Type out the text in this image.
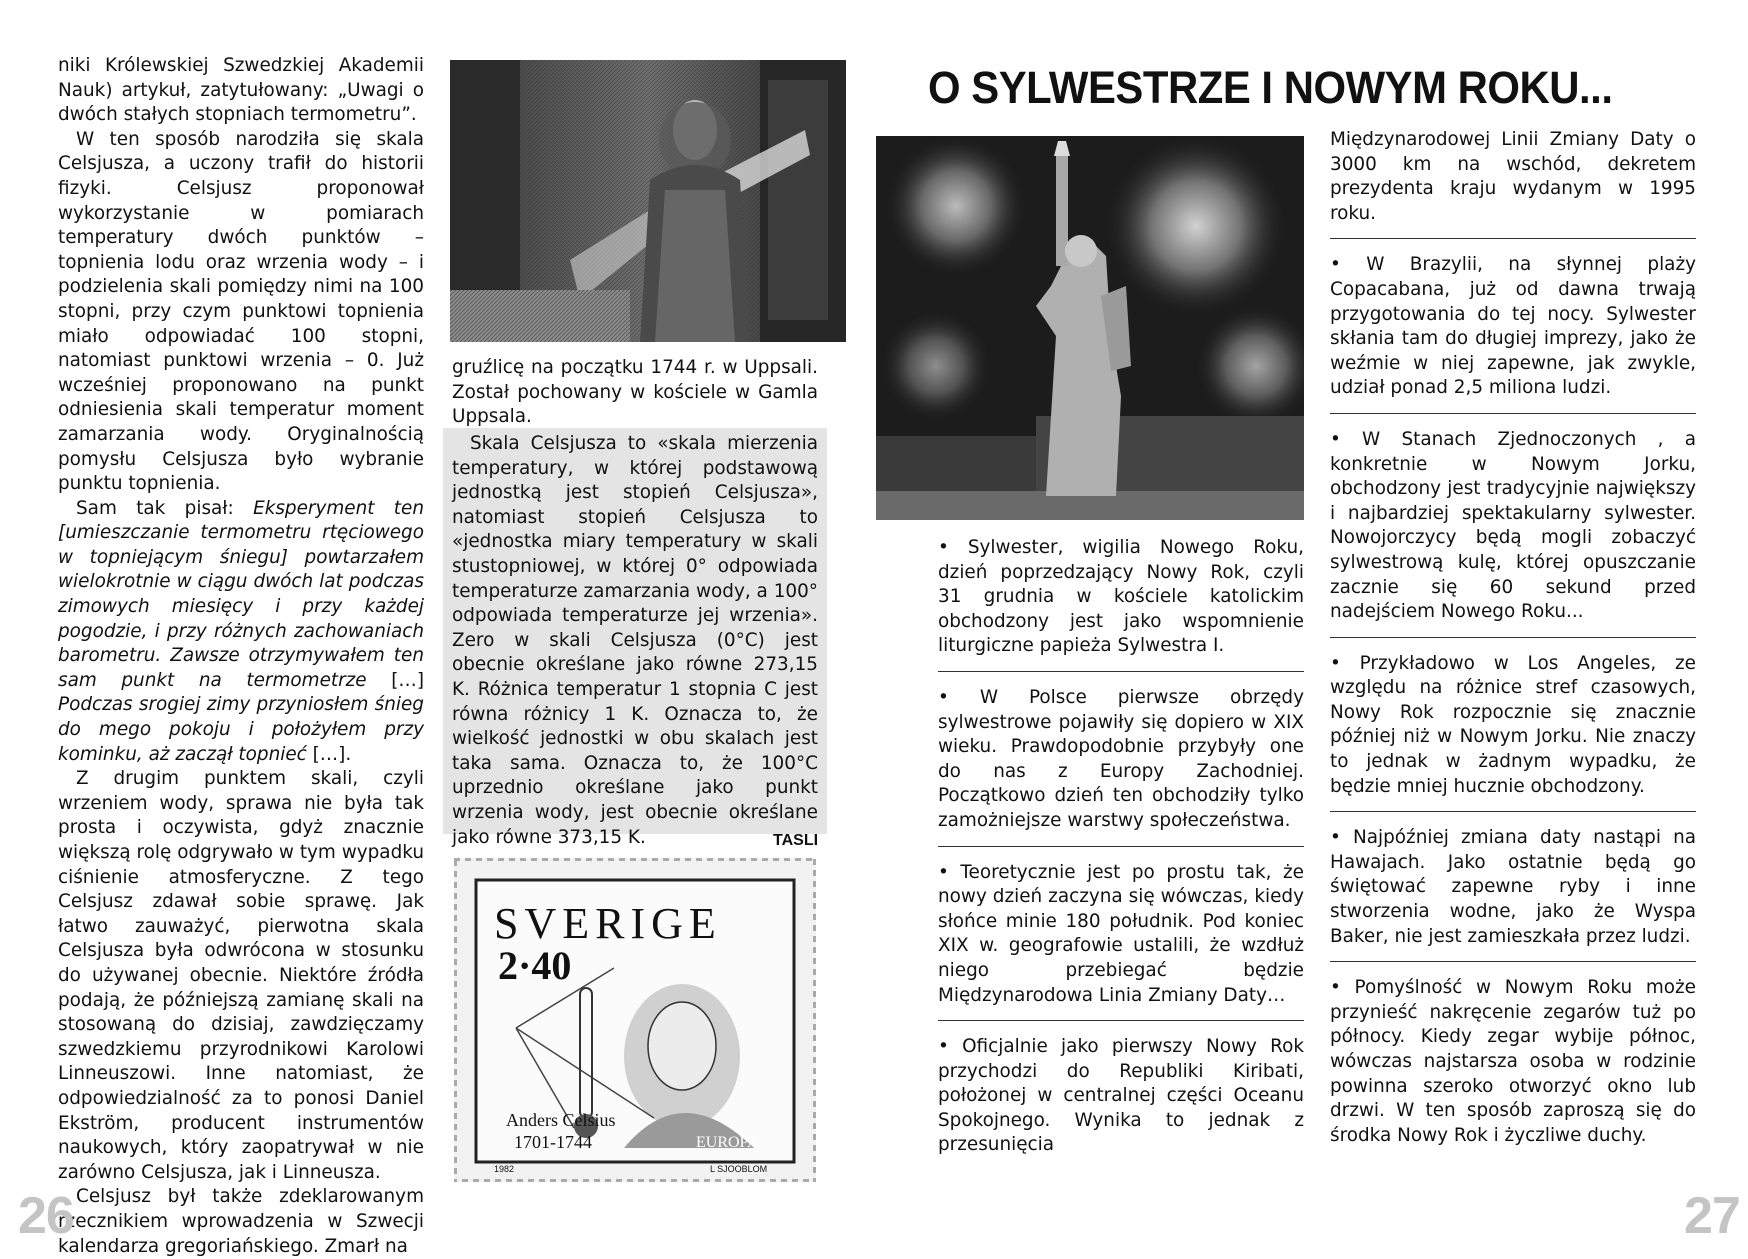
niki Królewskiej Szwedzkiej Akademii Nauk) artykuł, zatytułowany: „Uwagi o dwóch stałych stopniach termometru”.

W ten sposób narodziła się skala Celsjusza, a uczony trafił do historii fizyki. Celsjusz proponował wykorzystanie w pomiarach temperatury dwóch punktów – topnienia lodu oraz wrzenia wody – i podzielenia skali pomiędzy nimi na 100 stopni, przy czym punktowi topnienia miało odpowiadać 100 stopni, natomiast punktowi wrzenia – 0. Już wcześniej proponowano na punkt odniesienia skali temperatur moment zamarzania wody. Oryginalnością pomysłu Celsjusza było wybranie punktu topnienia.

Sam tak pisał: Eksperyment ten [umieszczanie termometru rtęciowego w topniejącym śniegu] powtarzałem wielokrotnie w ciągu dwóch lat podczas zimowych miesięcy i przy każdej pogodzie, i przy różnych zachowaniach barometru. Zawsze otrzymywałem ten sam punkt na termometrze […] Podczas srogiej zimy przyniosłem śnieg do mego pokoju i położyłem przy kominku, aż zaczął topnieć […].

Z drugim punktem skali, czyli wrzeniem wody, sprawa nie była tak prosta i oczywista, gdyż znacznie większą rolę odgrywało w tym wypadku ciśnienie atmosferyczne. Z tego Celsjusz zdawał sobie sprawę. Jak łatwo zauważyć, pierwotna skala Celsjusza była odwrócona w stosunku do używanej obecnie. Niektóre źródła podają, że późniejszą zamianę skali na stosowaną do dzisiaj, zawdzięczamy szwedzkiemu przyrodnikowi Karolowi Linneuszowi. Inne natomiast, że odpowiedzialność za to ponosi Daniel Ekström, producent instrumentów naukowych, który zaopatrywał w nie zarówno Celsjusza, jak i Linneusza.

Celsjusz był także zdeklarowanym rzecznikiem wprowadzenia w Szwecji kalendarza gregoriańskiego. Zmarł na

26

gruźlicę na początku 1744 r. w Uppsali. Został pochowany w kościele w Gamla Uppsala.

Skala Celsjusza to «skala mierzenia temperatury, w której podstawową jednostką jest stopień Celsjusza», natomiast stopień Celsjusza to «jednostka miary temperatury w skali stustopniowej, w której 0° odpowiada temperaturze zamarzania wody, a 100° odpowiada temperaturze jej wrzenia». Zero w skali Celsjusza (0°C) jest obecnie określane jako równe 273,15 K. Różnica temperatur 1 stopnia C jest równa różnicy 1 K. Oznacza to, że wielkość jednostki w obu skalach jest taka sama. Oznacza to, że 100°C uprzednio określane jako punkt wrzenia wody, jest obecnie określane jako równe 373,15 K.	TASLI
SVERIGE
2·40
Anders Celsius
1701-1744	EUROPA
1982	L SJOOBLOM
O SYLWESTRZE I NOWYM ROKU...

• Sylwester, wigilia Nowego Roku, dzień poprzedzający Nowy Rok, czyli 31 grudnia w kościele katolickim obchodzony jest jako wspomnienie liturgiczne papieża Sylwestra I.

• W Polsce pierwsze obrzędy sylwestrowe pojawiły się dopiero w XIX wieku. Prawdopodobnie przybyły one do nas z Europy Zachodniej. Początkowo dzień ten obchodziły tylko zamożniejsze warstwy społeczeństwa.

• Teoretycznie jest po prostu tak, że nowy dzień zaczyna się wówczas, kiedy słońce minie 180 południk. Pod koniec XIX w. geografowie ustalili, że wzdłuż niego przebiegać będzie Międzynarodowa Linia Zmiany Daty…

• Oficjalnie jako pierwszy Nowy Rok przychodzi do Republiki Kiribati, położonej w centralnej części Oceanu Spokojnego. Wynika to jednak z przesunięcia

Międzynarodowej Linii Zmiany Daty o 3000 km na wschód, dekretem prezydenta kraju wydanym w 1995 roku.

• W Brazylii, na słynnej plaży Copacabana, już od dawna trwają przygotowania do tej nocy. Sylwester skłania tam do długiej imprezy, jako że weźmie w niej zapewne, jak zwykle, udział ponad 2,5 miliona ludzi.

• W Stanach Zjednoczonych , a konkretnie w Nowym Jorku, obchodzony jest tradycyjnie największy i najbardziej spektakularny sylwester. Nowojorczycy będą mogli zobaczyć sylwestrową kulę, której opuszczanie zacznie się 60 sekund przed nadejściem Nowego Roku...

• Przykładowo w Los Angeles, ze względu na różnice stref czasowych, Nowy Rok rozpocznie się znacznie później niż w Nowym Jorku. Nie znaczy to jednak w żadnym wypadku, że będzie mniej hucznie obchodzony.

• Najpóźniej zmiana daty nastąpi na Hawajach. Jako ostatnie będą go świętować zapewne ryby i inne stworzenia wodne, jako że Wyspa Baker, nie jest zamieszkała przez ludzi.

• Pomyślność w Nowym Roku może przynieść nakręcenie zegarów tuż po północy. Kiedy zegar wybije północ, wówczas najstarsza osoba w rodzinie powinna szeroko otworzyć okno lub drzwi. W ten sposób zaproszą się do środka Nowy Rok i życzliwe duchy.

27
